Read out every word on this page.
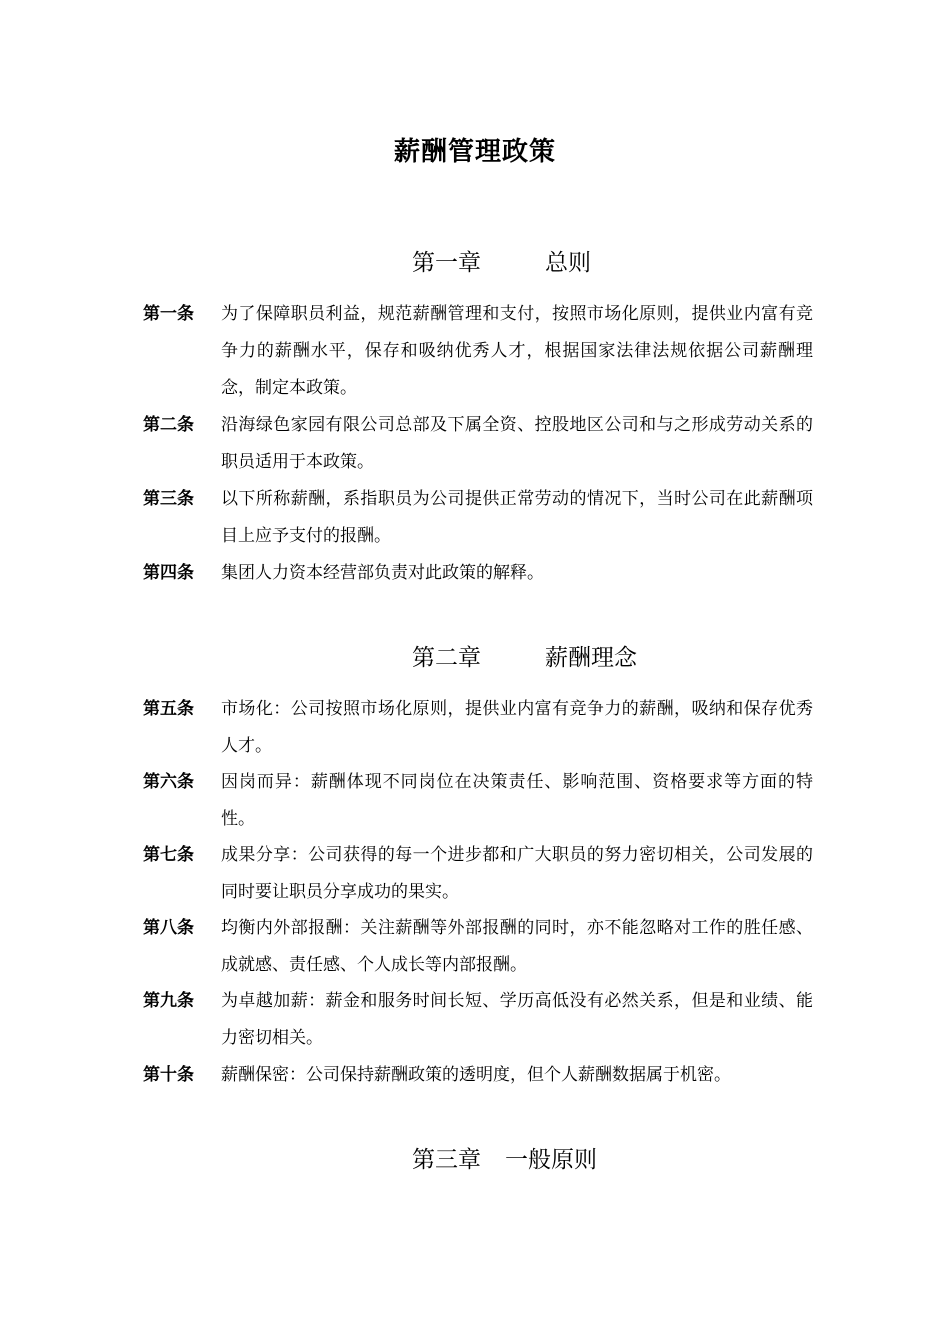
薪酬管理政策
第一章	总则
第一条	为了保障职员利益，规范薪酬管理和支付，按照市场化原则，提供业内富有竞争力的薪酬水平，保存和吸纳优秀人才，根据国家法律法规依据公司薪酬理念，制定本政策。
第二条	沿海绿色家园有限公司总部及下属全资、控股地区公司和与之形成劳动关系的职员适用于本政策。
第三条	以下所称薪酬，系指职员为公司提供正常劳动的情况下，当时公司在此薪酬项目上应予支付的报酬。
第四条	集团人力资本经营部负责对此政策的解释。
第二章	薪酬理念
第五条	市场化：公司按照市场化原则，提供业内富有竞争力的薪酬，吸纳和保存优秀人才。
第六条	因岗而异：薪酬体现不同岗位在决策责任、影响范围、资格要求等方面的特性。
第七条	成果分享：公司获得的每一个进步都和广大职员的努力密切相关，公司发展的同时要让职员分享成功的果实。
第八条	均衡内外部报酬：关注薪酬等外部报酬的同时，亦不能忽略对工作的胜任感、成就感、责任感、个人成长等内部报酬。
第九条	为卓越加薪：薪金和服务时间长短、学历高低没有必然关系，但是和业绩、能力密切相关。
第十条	薪酬保密：公司保持薪酬政策的透明度，但个人薪酬数据属于机密。
第三章 一般原则
